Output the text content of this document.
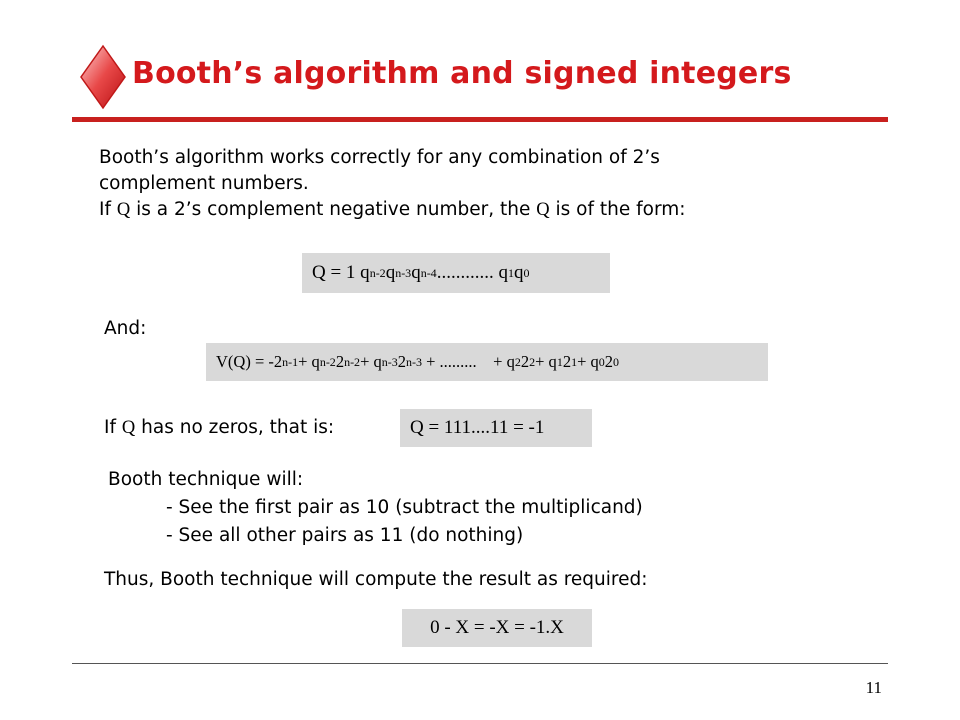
Booth’s algorithm and signed integers
Booth’s algorithm works correctly for any combination of 2’s
complement numbers.
If Q is a 2’s complement negative number, the Q is of the form:
Q = 1 q n-2 q n-3 q n-4 ............ q 1 q 0
And:
V(Q) = -2 n-1 + q n-2 2 n-2 + q n-3 2 n-3 + .........    + q 2 2 2 + q 1 2 1 + q 0 2 0
If Q has no zeros, that is:	Q = 111....11 = -1
Booth technique will:
- See the first pair as 10 (subtract the multiplicand)
- See all other pairs as 11 (do nothing)
Thus, Booth technique will compute the result as required:
0 - X = -X = -1.X
11
